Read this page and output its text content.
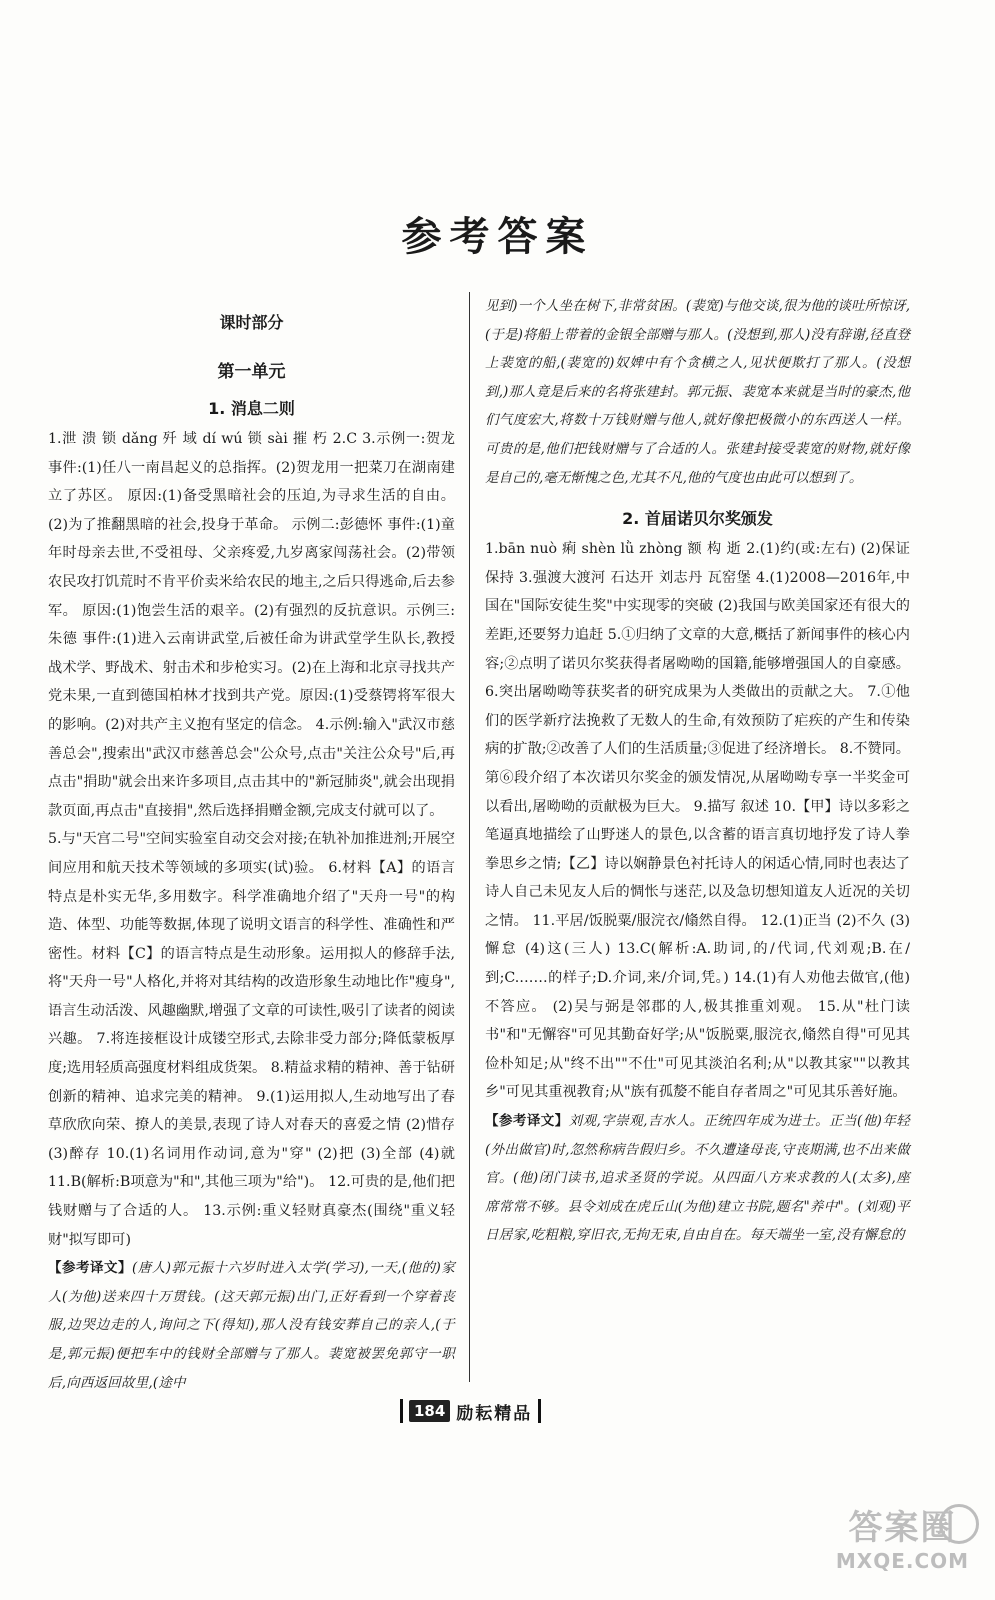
参考答案
课时部分
第一单元
1. 消息二则

1.泄 溃 锁 dǎng 歼 域 dí wú 锁 sài 摧 朽 2.C 3.示例一:贺龙 事件:(1)任八一南昌起义的总指挥。(2)贺龙用一把菜刀在湖南建立了苏区。 原因:(1)备受黑暗社会的压迫,为寻求生活的自由。(2)为了推翻黑暗的社会,投身于革命。 示例二:彭德怀 事件:(1)童年时母亲去世,不受祖母、父亲疼爱,九岁离家闯荡社会。(2)带领农民攻打饥荒时不肯平价卖米给农民的地主,之后只得逃命,后去参军。 原因:(1)饱尝生活的艰辛。(2)有强烈的反抗意识。示例三:朱德 事件:(1)进入云南讲武堂,后被任命为讲武堂学生队长,教授战术学、野战术、射击术和步枪实习。(2)在上海和北京寻找共产党未果,一直到德国柏林才找到共产党。原因:(1)受蔡锷将军很大的影响。(2)对共产主义抱有坚定的信念。 4.示例:输入"武汉市慈善总会",搜索出"武汉市慈善总会"公众号,点击"关注公众号"后,再点击"捐助"就会出来许多项目,点击其中的"新冠肺炎",就会出现捐款页面,再点击"直接捐",然后选择捐赠金额,完成支付就可以了。

5.与"天宫二号"空间实验室自动交会对接;在轨补加推进剂;开展空间应用和航天技术等领域的多项实(试)验。 6.材料【A】的语言特点是朴实无华,多用数字。科学准确地介绍了"天舟一号"的构造、体型、功能等数据,体现了说明文语言的科学性、准确性和严密性。材料【C】的语言特点是生动形象。运用拟人的修辞手法,将"天舟一号"人格化,并将对其结构的改造形象生动地比作"瘦身",语言生动活泼、风趣幽默,增强了文章的可读性,吸引了读者的阅读兴趣。 7.将连接框设计成镂空形式,去除非受力部分;降低蒙板厚度;选用轻质高强度材料组成货架。 8.精益求精的精神、善于钻研创新的精神、追求完美的精神。 9.(1)运用拟人,生动地写出了春草欣欣向荣、撩人的美景,表现了诗人对春天的喜爱之情 (2)惜存 (3)醉存 10.(1)名词用作动词,意为"穿" (2)把 (3)全部 (4)就 11.B(解析:B项意为"和",其他三项为"给")。 12.可贵的是,他们把钱财赠与了合适的人。 13.示例:重义轻财真豪杰(围绕"重义轻财"拟写即可)

【参考译文】(唐人)郭元振十六岁时进入太学(学习),一天,(他的)家人(为他)送来四十万贯钱。(这天郭元振)出门,正好看到一个穿着丧服,边哭边走的人,询问之下(得知),那人没有钱安葬自己的亲人,(于是,郭元振)便把车中的钱财全部赠与了那人。裴宽被罢免郭守一职后,向西返回故里,(途中

见到)一个人坐在树下,非常贫困。(裴宽)与他交谈,很为他的谈吐所惊讶,(于是)将船上带着的金银全部赠与那人。(没想到,那人)没有辞谢,径直登上裴宽的船,(裴宽的)奴婢中有个贪横之人,见状便欺打了那人。(没想到,)那人竟是后来的名将张建封。郭元振、裴宽本来就是当时的豪杰,他们气度宏大,将数十万钱财赠与他人,就好像把极微小的东西送人一样。可贵的是,他们把钱财赠与了合适的人。张建封接受裴宽的财物,就好像是自己的,毫无惭愧之色,尤其不凡,他的气度也由此可以想到了。

2. 首届诺贝尔奖颁发

1.bān nuò 痢 shèn lǜ zhòng 额 构 逝 2.(1)约(或:左右) (2)保证 保持 3.强渡大渡河 石达开 刘志丹 瓦窑堡 4.(1)2008—2016年,中国在"国际安徒生奖"中实现零的突破 (2)我国与欧美国家还有很大的差距,还要努力追赶 5.①归纳了文章的大意,概括了新闻事件的核心内容;②点明了诺贝尔奖获得者屠呦呦的国籍,能够增强国人的自豪感。 6.突出屠呦呦等获奖者的研究成果为人类做出的贡献之大。 7.①他们的医学新疗法挽救了无数人的生命,有效预防了疟疾的产生和传染病的扩散;②改善了人们的生活质量;③促进了经济增长。 8.不赞同。第⑥段介绍了本次诺贝尔奖金的颁发情况,从屠呦呦专享一半奖金可以看出,屠呦呦的贡献极为巨大。 9.描写 叙述 10.【甲】诗以多彩之笔逼真地描绘了山野迷人的景色,以含蓄的语言真切地抒发了诗人拳拳思乡之情;【乙】诗以娴静景色衬托诗人的闲适心情,同时也表达了诗人自己未见友人后的惆怅与迷茫,以及急切想知道友人近况的关切之情。 11.平居/饭脱粟/服浣衣/翛然自得。 12.(1)正当 (2)不久 (3)懈怠 (4)这(三人) 13.C(解析:A.助词,的/代词,代刘观;B.在/到;C.……的样子;D.介词,来/介词,凭。) 14.(1)有人劝他去做官,(他)不答应。 (2)吴与弼是邻郡的人,极其推重刘观。 15.从"杜门读书"和"无懈容"可见其勤奋好学;从"饭脱粟,服浣衣,翛然自得"可见其俭朴知足;从"终不出""不仕"可见其淡泊名利;从"以教其家""以教其乡"可见其重视教育;从"族有孤嫠不能自存者周之"可见其乐善好施。

【参考译文】刘观,字崇观,吉水人。正统四年成为进士。正当(他)年轻(外出做官)时,忽然称病告假归乡。不久遭逢母丧,守丧期满,也不出来做官。(他)闭门读书,追求圣贤的学说。从四面八方来求教的人(太多),座席常常不够。县令刘成在虎丘山(为他)建立书院,题名"养中"。(刘观)平日居家,吃粗粮,穿旧衣,无拘无束,自由自在。每天端坐一室,没有懈怠的

184 励耘精品
答案圈
MXQE.COM
